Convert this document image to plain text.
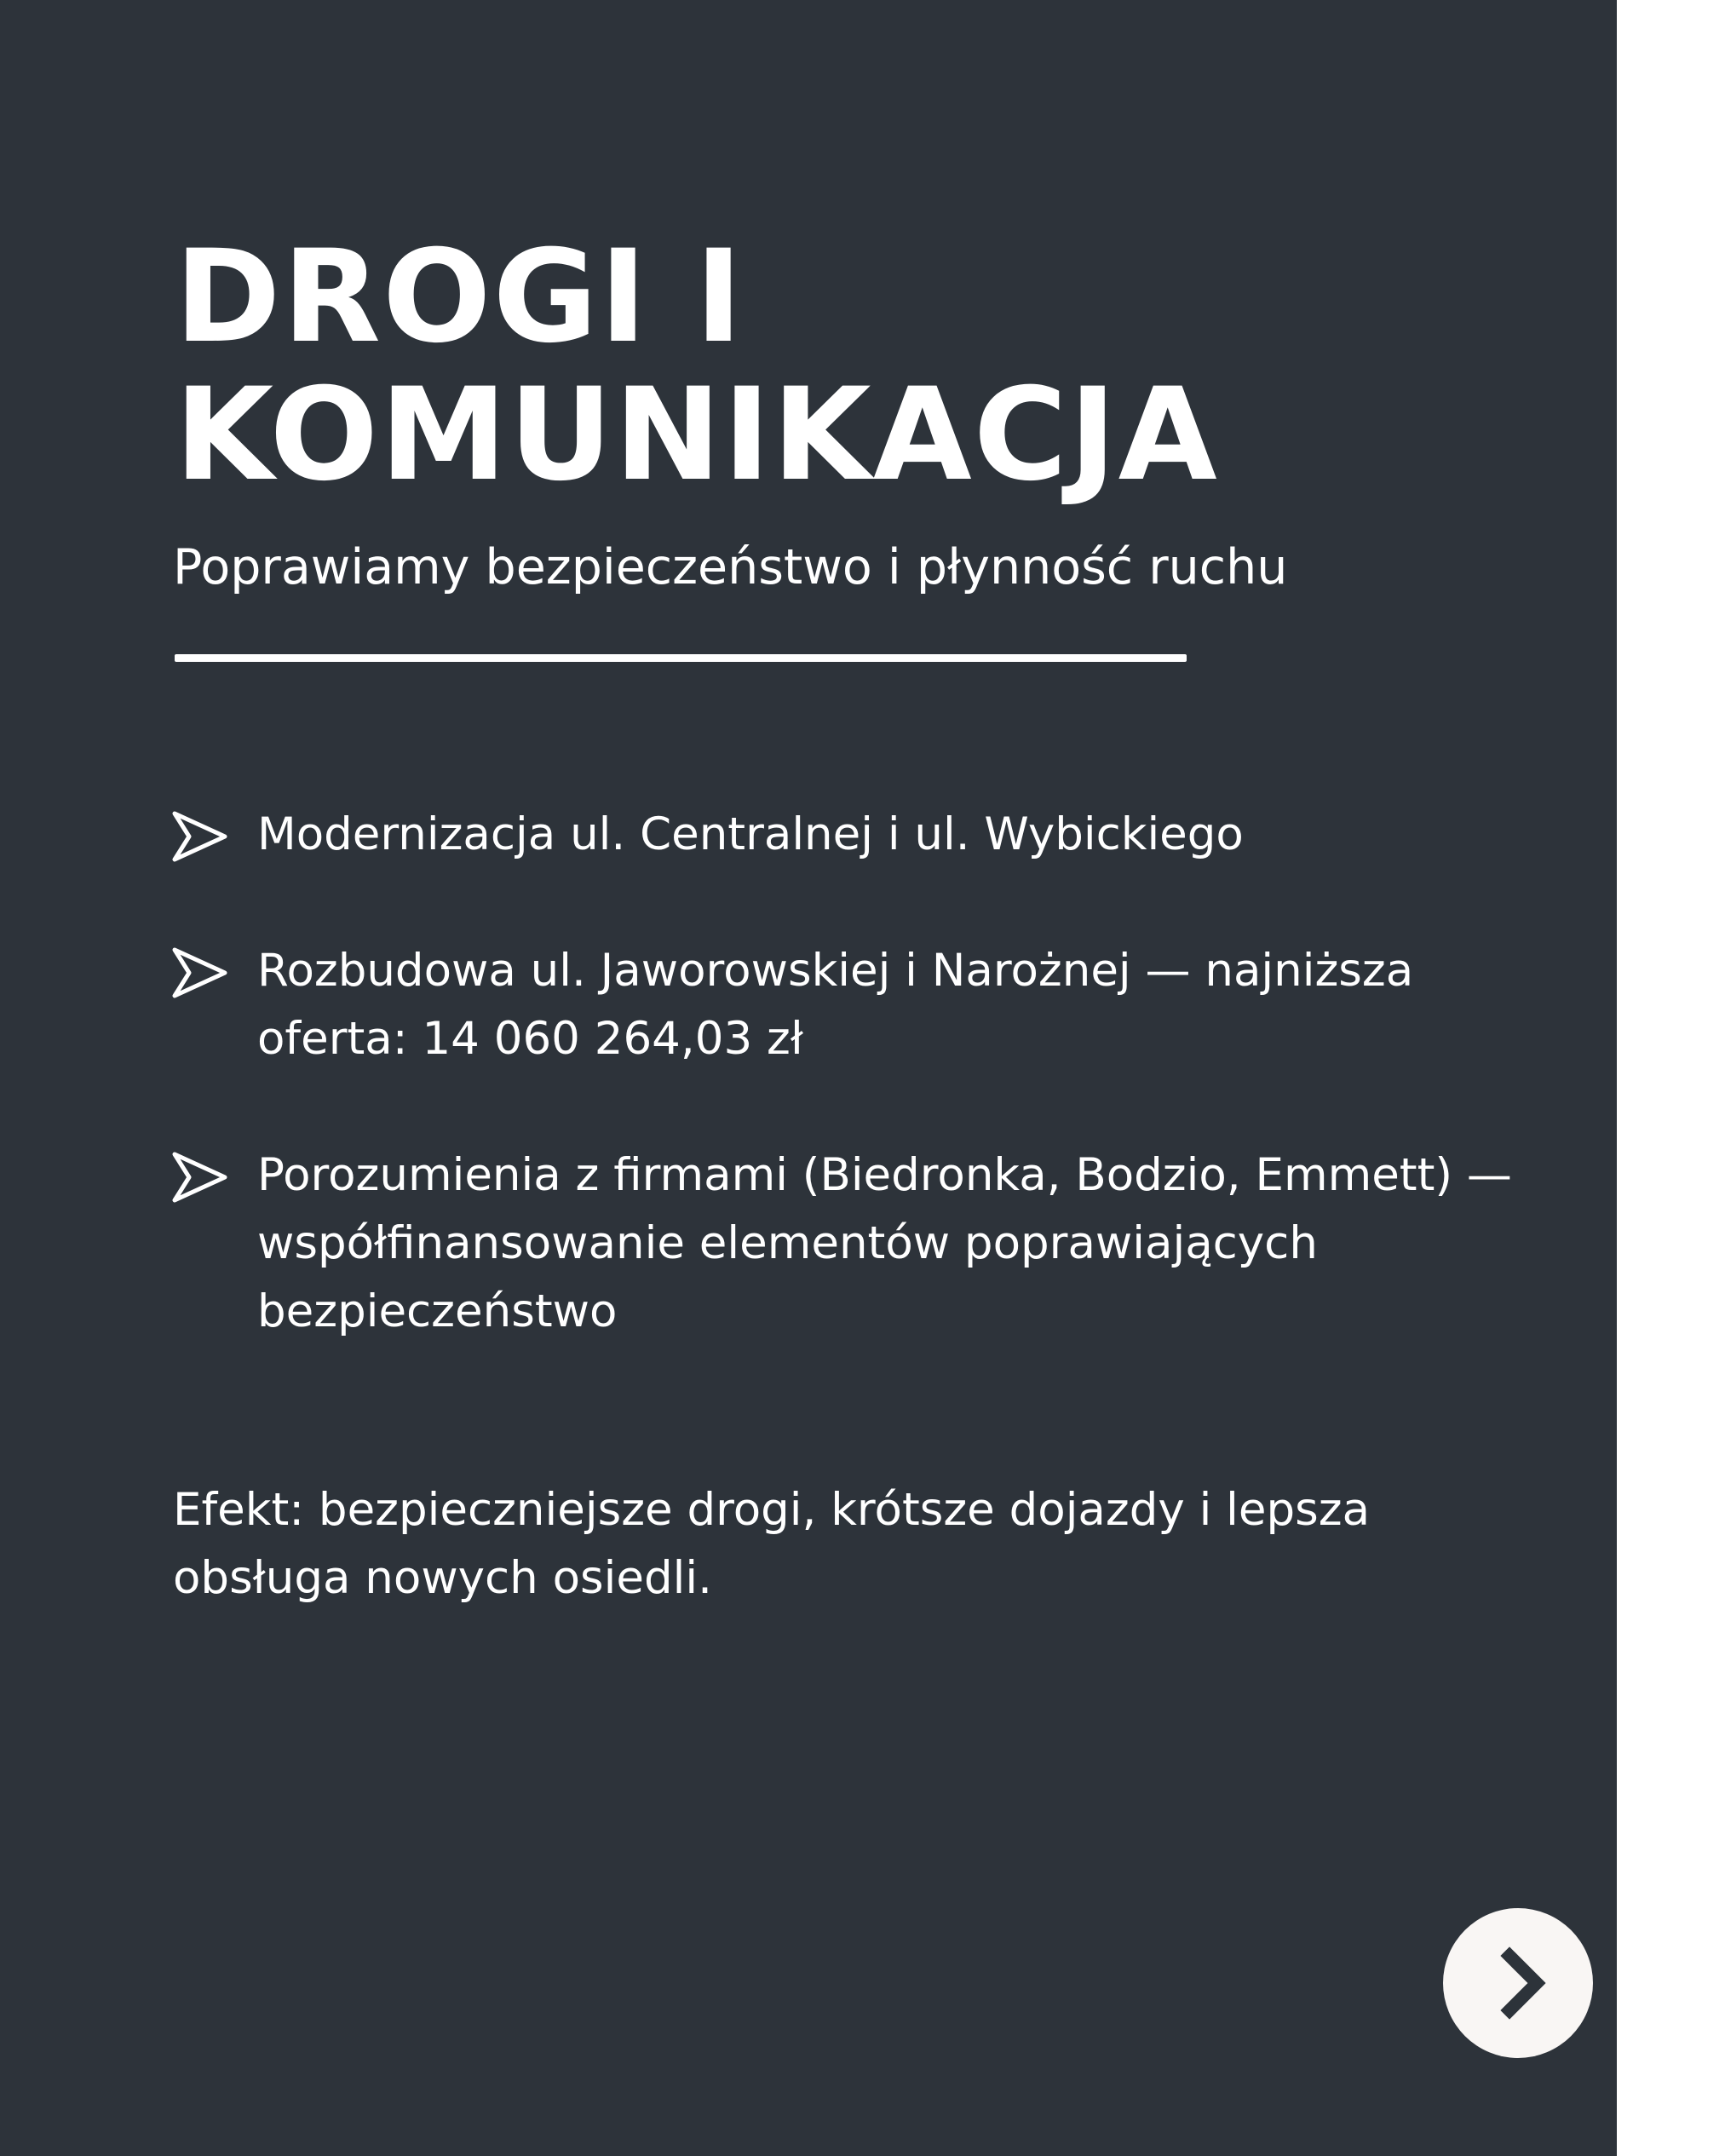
DROGI I
KOMUNIKACJA
Poprawiamy bezpieczeństwo i płynność ruchu
Modernizacja ul. Centralnej i ul. Wybickiego
Rozbudowa ul. Jaworowskiej i Narożnej — najniższa oferta: 14 060 264,03 zł
Porozumienia z firmami (Biedronka, Bodzio, Emmett) — współfinansowanie elementów poprawiających bezpieczeństwo
Efekt: bezpieczniejsze drogi, krótsze dojazdy i lepsza obsługa nowych osiedli.
